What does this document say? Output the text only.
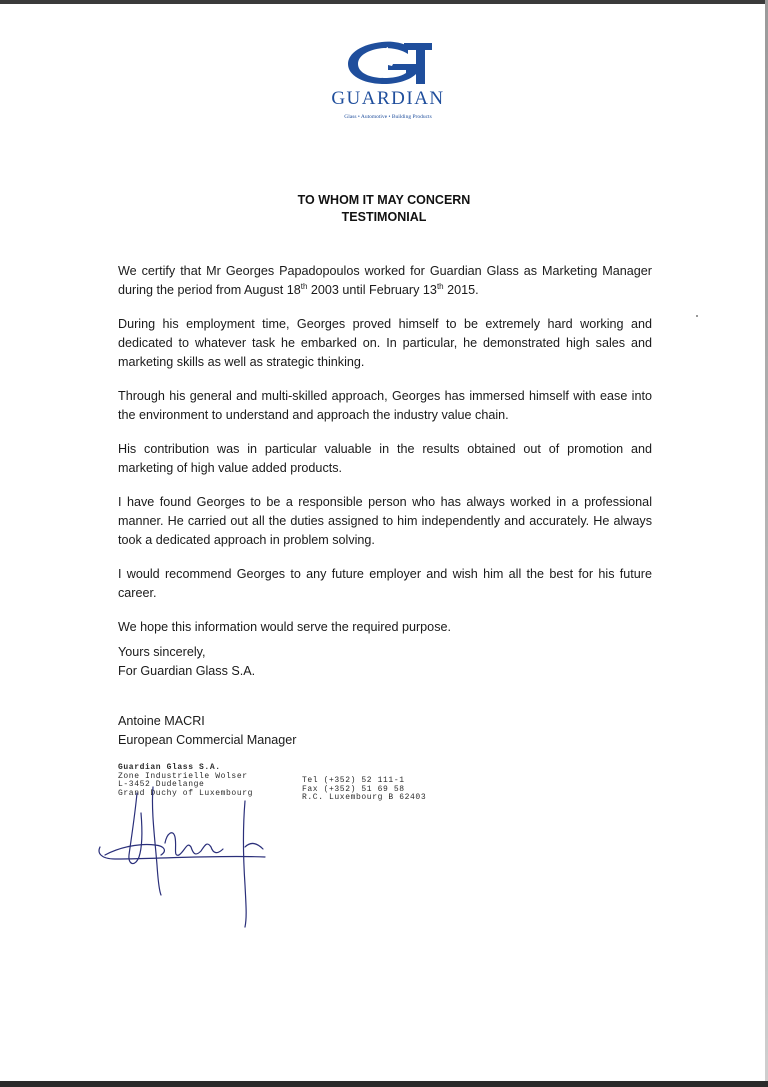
GUARDIAN
Glass • Automotive • Building Products
TO WHOM IT MAY CONCERN
TESTIMONIAL

We certify that Mr Georges Papadopoulos worked for Guardian Glass as Marketing Manager during the period from August 18th 2003 until February 13th 2015.

During his employment time, Georges proved himself to be extremely hard working and dedicated to whatever task he embarked on. In particular, he demonstrated high sales and marketing skills as well as strategic thinking.

Through his general and multi-skilled approach, Georges has immersed himself with ease into the environment to understand and approach the industry value chain.

His contribution was in particular valuable in the results obtained out of promotion and marketing of high value added products.

I have found Georges to be a responsible person who has always worked in a professional manner. He carried out all the duties assigned to him independently and accurately. He always took a dedicated approach in problem solving.

I would recommend Georges to any future employer and wish him all the best for his future career.

We hope this information would serve the required purpose.

Yours sincerely,
For Guardian Glass S.A.
Antoine MACRI
European Commercial Manager
Guardian Glass S.A.
Zone Industrielle Wolser
L-3452 Dudelange
Grand Duchy of Luxembourg
Tel (+352) 52 111-1
Fax (+352) 51 69 58
R.C. Luxembourg B 62403
